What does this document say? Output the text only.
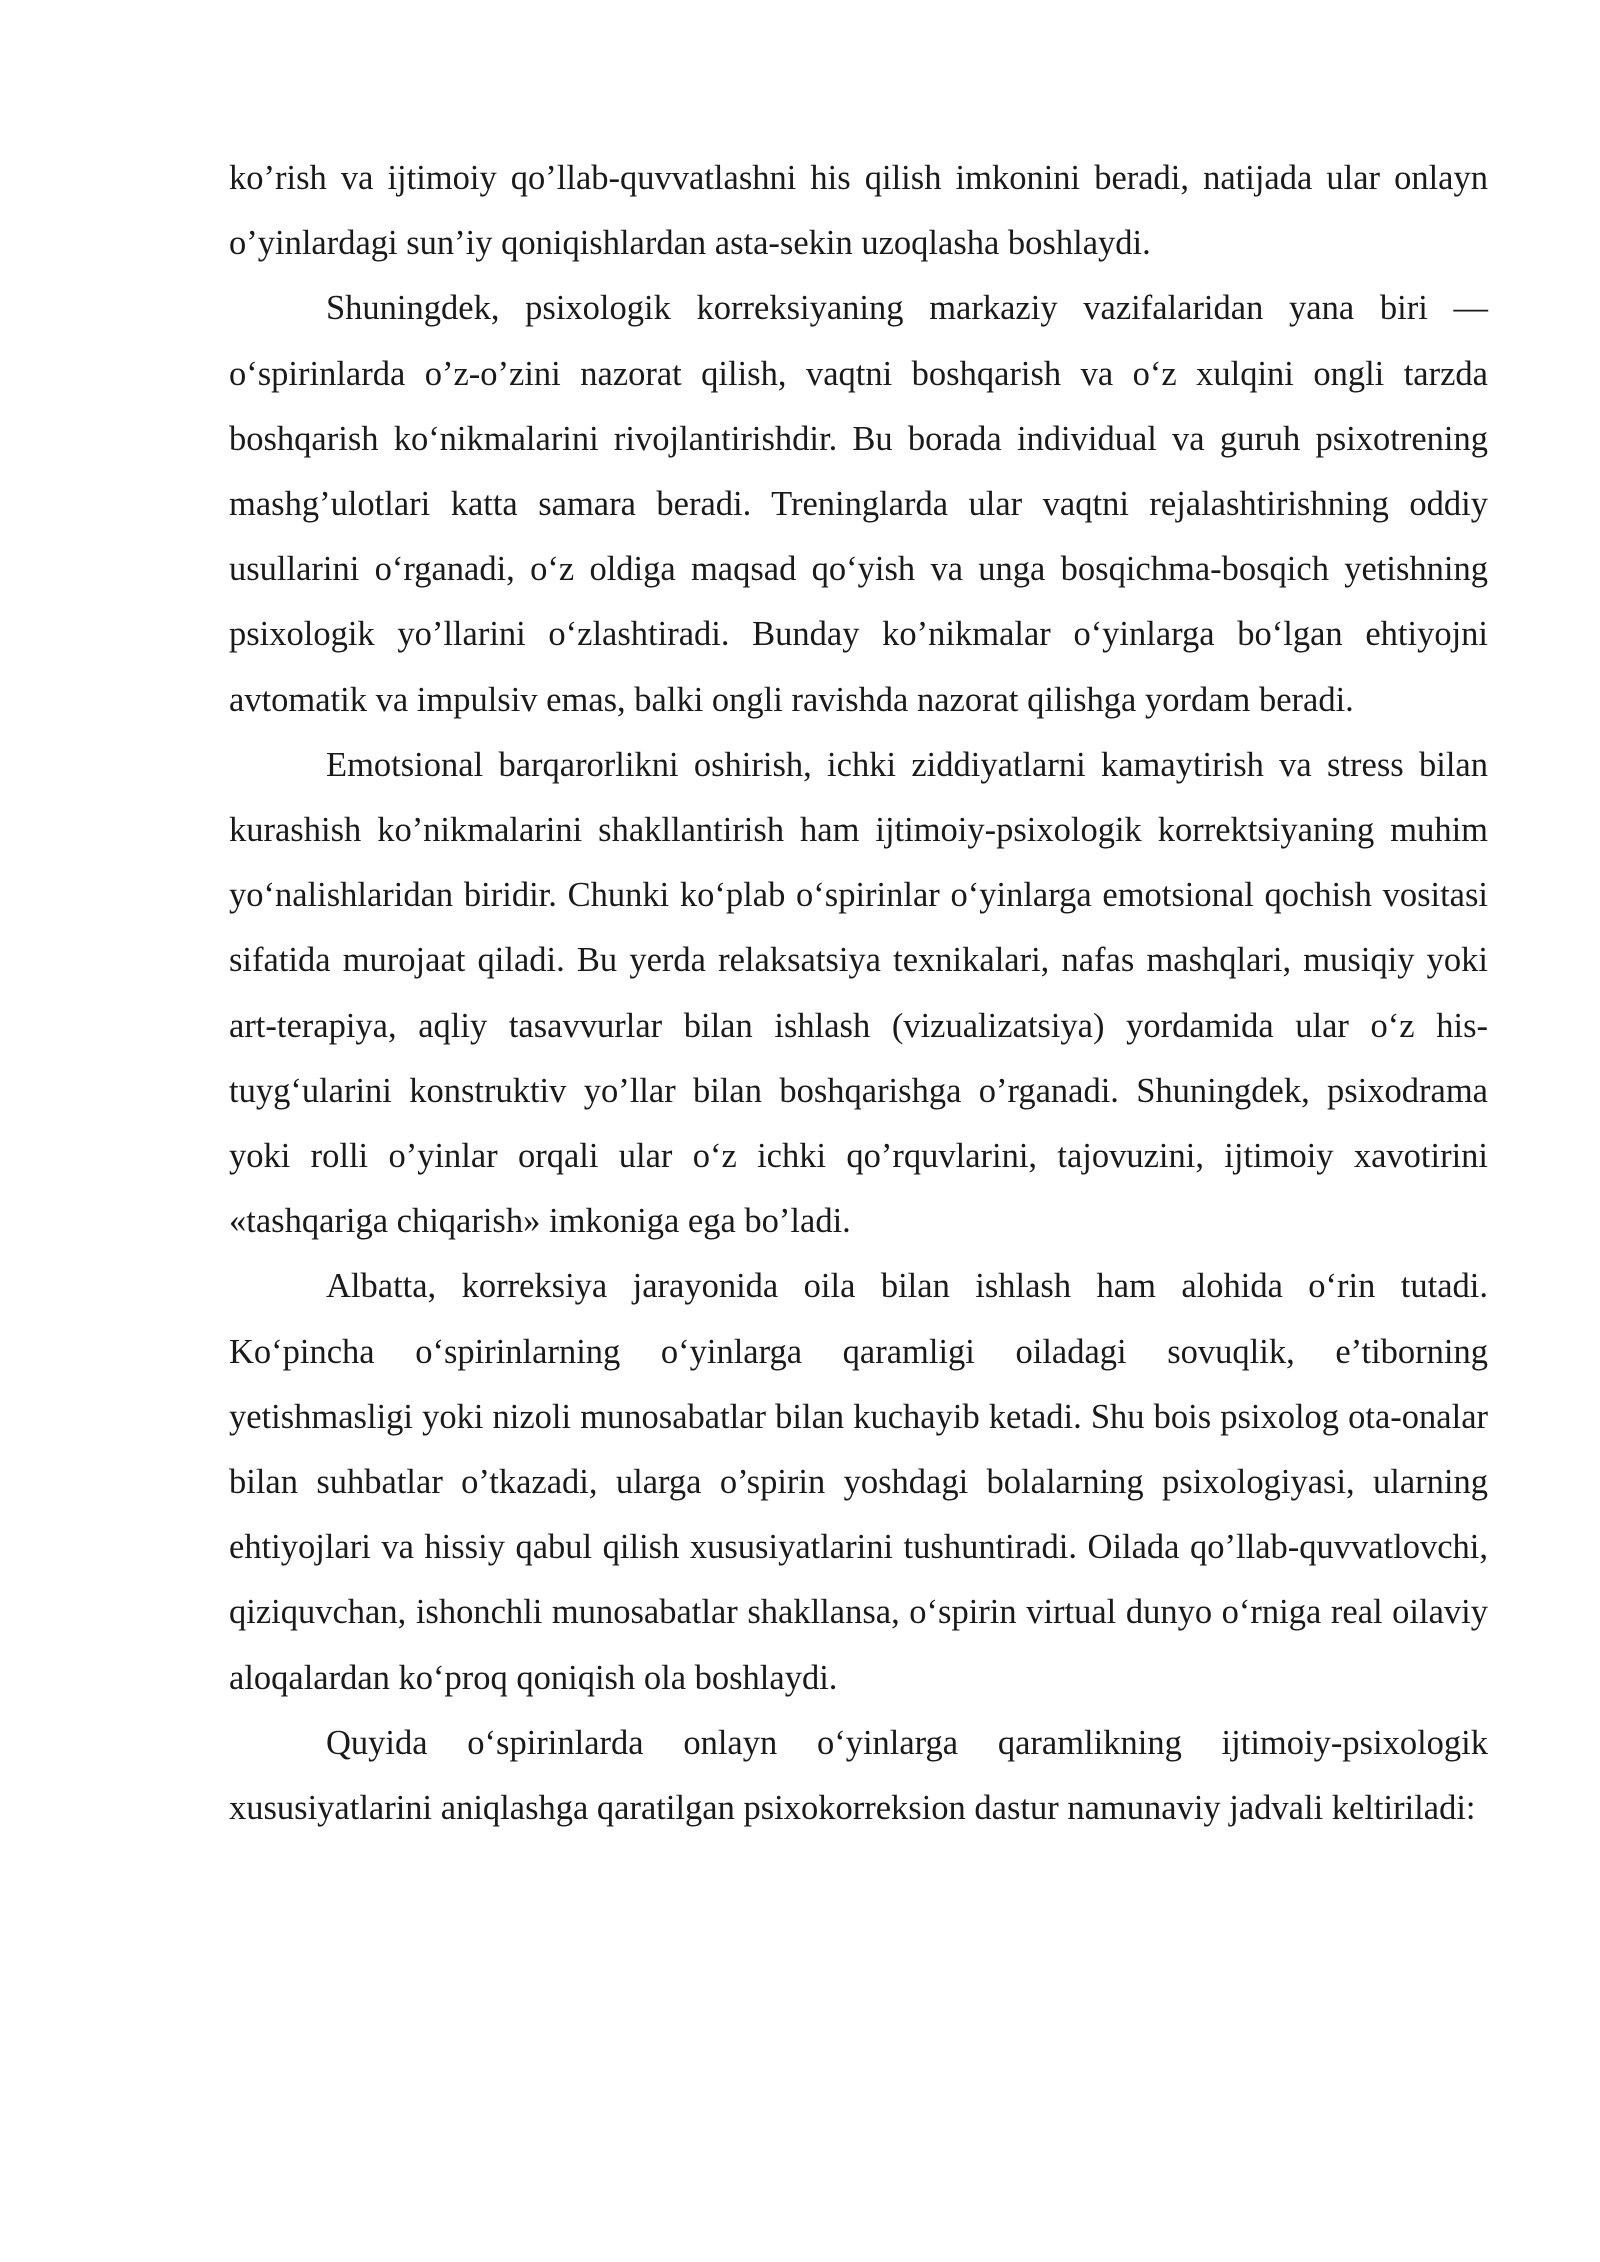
ko’rish va ijtimoiy qo’llab-quvvatlashni his qilish imkonini beradi, natijada ular onlayn o’yinlardagi sun’iy qoniqishlardan asta-sekin uzoqlasha boshlaydi.

Shuningdek, psixologik korreksiyaning markaziy vazifalaridan yana biri — o‘spirinlarda o’z-o’zini nazorat qilish, vaqtni boshqarish va o‘z xulqini ongli tarzda boshqarish ko‘nikmalarini rivojlantirishdir. Bu borada individual va guruh psixotrening mashg’ulotlari katta samara beradi. Treninglarda ular vaqtni rejalashtirishning oddiy usullarini o‘rganadi, o‘z oldiga maqsad qo‘yish va unga bosqichma-bosqich yetishning psixologik yo’llarini o‘zlashtiradi. Bunday ko’nikmalar o‘yinlarga bo‘lgan ehtiyojni avtomatik va impulsiv emas, balki ongli ravishda nazorat qilishga yordam beradi.

Emotsional barqarorlikni oshirish, ichki ziddiyatlarni kamaytirish va stress bilan kurashish ko’nikmalarini shakllantirish ham ijtimoiy-psixologik korrektsiyaning muhim yo‘nalishlaridan biridir. Chunki ko‘plab o‘spirinlar o‘yinlarga emotsional qochish vositasi sifatida murojaat qiladi. Bu yerda relaksatsiya texnikalari, nafas mashqlari, musiqiy yoki art-terapiya, aqliy tasavvurlar bilan ishlash (vizualizatsiya) yordamida ular o‘z his-tuyg‘ularini konstruktiv yo’llar bilan boshqarishga o’rganadi. Shuningdek, psixodrama yoki rolli o’yinlar orqali ular o‘z ichki qo’rquvlarini, tajovuzini, ijtimoiy xavotirini «tashqariga chiqarish» imkoniga ega bo’ladi.

Albatta, korreksiya jarayonida oila bilan ishlash ham alohida o‘rin tutadi. Ko‘pincha o‘spirinlarning o‘yinlarga qaramligi oiladagi sovuqlik, e’tiborning yetishmasligi yoki nizoli munosabatlar bilan kuchayib ketadi. Shu bois psixolog ota-onalar bilan suhbatlar o’tkazadi, ularga o’spirin yoshdagi bolalarning psixologiyasi, ularning ehtiyojlari va hissiy qabul qilish xususiyatlarini tushuntiradi. Oilada qo’llab-quvvatlovchi, qiziquvchan, ishonchli munosabatlar shakllansa, o‘spirin virtual dunyo o‘rniga real oilaviy aloqalardan ko‘proq qoniqish ola boshlaydi.

Quyida o‘spirinlarda onlayn o‘yinlarga qaramlikning ijtimoiy-psixologik xususiyatlarini aniqlashga qaratilgan psixokorreksion dastur namunaviy jadvali keltiriladi:
